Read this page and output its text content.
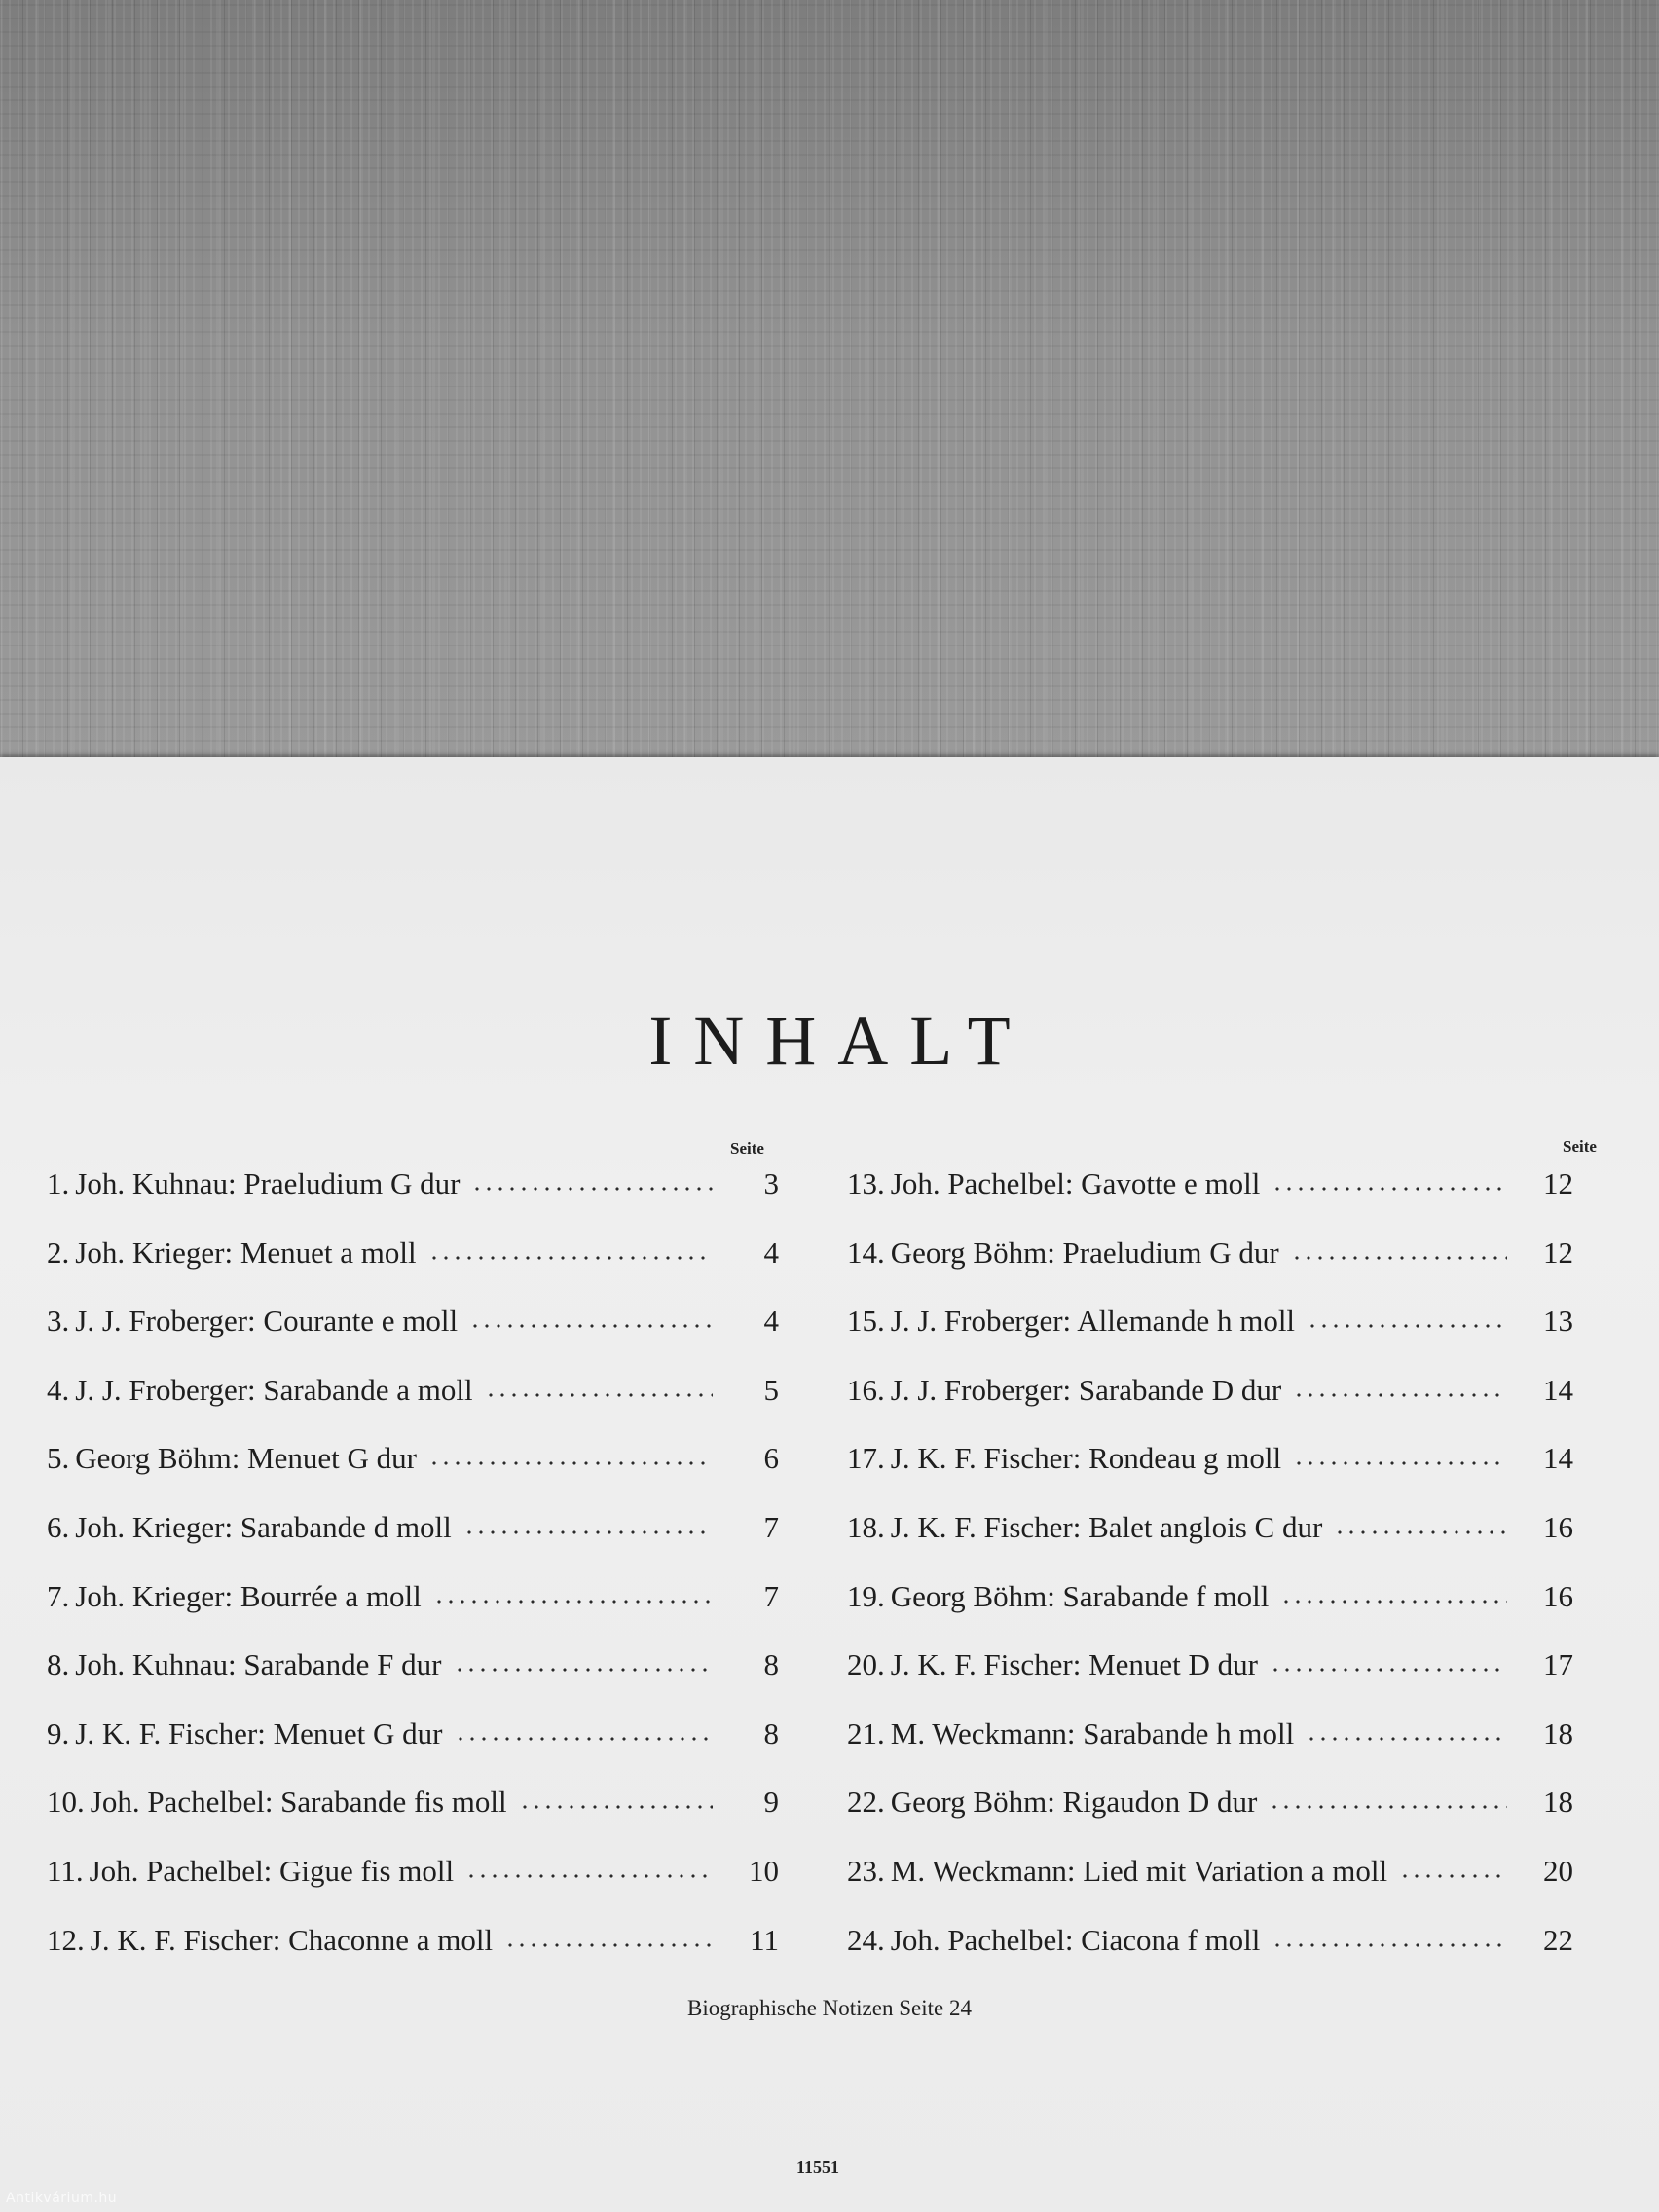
INHALT
Seite	Seite
1. Joh. Kuhnau: Praeludium G dur	3
2. Joh. Krieger: Menuet a moll	4
3. J. J. Froberger: Courante e moll	4
4. J. J. Froberger: Sarabande a moll	5
5. Georg Böhm: Menuet G dur	6
6. Joh. Krieger: Sarabande d moll	7
7. Joh. Krieger: Bourrée a moll	7
8. Joh. Kuhnau: Sarabande F dur	8
9. J. K. F. Fischer: Menuet G dur	8
10. Joh. Pachelbel: Sarabande fis moll	9
11. Joh. Pachelbel: Gigue fis moll	10
12. J. K. F. Fischer: Chaconne a moll	11
13. Joh. Pachelbel: Gavotte e moll	12
14. Georg Böhm: Praeludium G dur	12
15. J. J. Froberger: Allemande h moll	13
16. J. J. Froberger: Sarabande D dur	14
17. J. K. F. Fischer: Rondeau g moll	14
18. J. K. F. Fischer: Balet anglois C dur	16
19. Georg Böhm: Sarabande f moll	16
20. J. K. F. Fischer: Menuet D dur	17
21. M. Weckmann: Sarabande h moll	18
22. Georg Böhm: Rigaudon D dur	18
23. M. Weckmann: Lied mit Variation a moll	20
24. Joh. Pachelbel: Ciacona f moll	22
Biographische Notizen Seite 24
11551
Antikvárium.hu
